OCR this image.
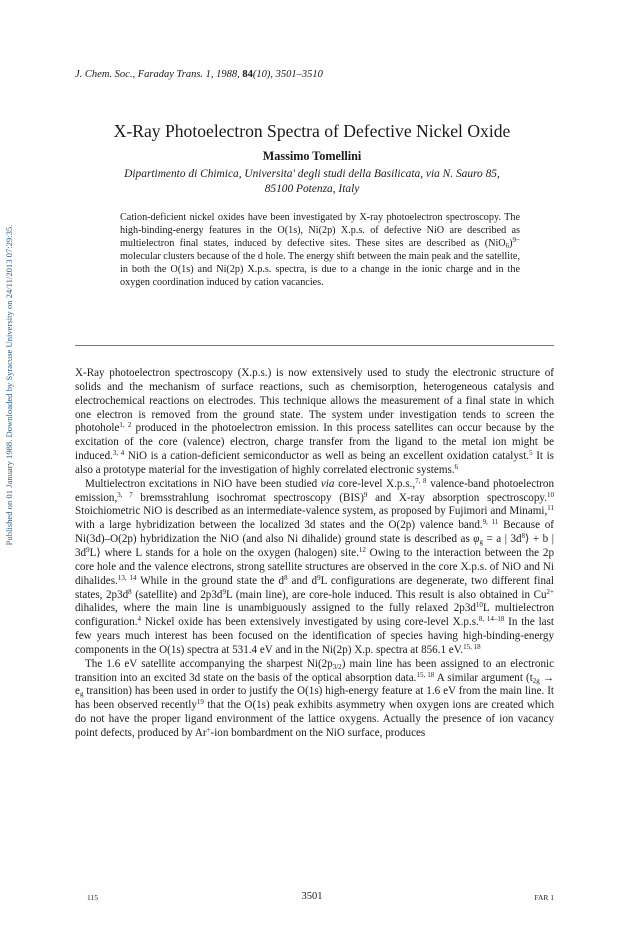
Published on 01 January 1988. Downloaded by Syracuse University on 24/11/2013 07:29:35.
J. Chem. Soc., Faraday Trans. 1, 1988, 84(10), 3501–3510
X-Ray Photoelectron Spectra of Defective Nickel Oxide
Massimo Tomellini
Dipartimento di Chimica, Universita' degli studi della Basilicata, via N. Sauro 85,
85100 Potenza, Italy
Cation-deficient nickel oxides have been investigated by X-ray photoelectron spectroscopy. The high-binding-energy features in the O(1s), Ni(2p) X.p.s. of defective NiO are described as multielectron final states, induced by defective sites. These sites are described as $(NiO_6)^{9-}$ molecular clusters because of the d hole. The energy shift between the main peak and the satellite, in both the O(1s) and Ni(2p) X.p.s. spectra, is due to a change in the ionic charge and in the oxygen coordination induced by cation vacancies.

X-Ray photoelectron spectroscopy (X.p.s.) is now extensively used to study the electronic structure of solids and the mechanism of surface reactions, such as chemisorption, heterogeneous catalysis and electrochemical reactions on electrodes. This technique allows the measurement of a final state in which one electron is removed from the ground state. The system under investigation tends to screen the photohole$^{1, 2}$ produced in the photoelectron emission. In this process satellites can occur because by the excitation of the core (valence) electron, charge transfer from the ligand to the metal ion might be induced.$^{3, 4}$ NiO is a cation-deficient semiconductor as well as being an excellent oxidation catalyst.$^5$ It is also a prototype material for the investigation of highly correlated electronic systems.$^6$

Multielectron excitations in NiO have been studied via core-level X.p.s.,$^{7, 8}$ valence-band photoelectron emission,$^{3, 7}$ bremsstrahlung isochromat spectroscopy (BIS)$^9$ and X-ray absorption spectroscopy.$^{10}$ Stoichiometric NiO is described as an intermediate-valence system, as proposed by Fujimori and Minami,$^{11}$ with a large hybridization between the localized 3d states and the O(2p) valence band.$^{9, 11}$ Because of Ni(3d)–O(2p) hybridization the NiO (and also Ni dihalide) ground state is described as $\varphi_g = a$ | $3d^8⟩ + b$ | $3d^9L⟩$ where L stands for a hole on the oxygen (halogen) site.$^{12}$ Owing to the interaction between the 2p core hole and the valence electrons, strong satellite structures are observed in the core X.p.s. of NiO and Ni dihalides.$^{13, 14}$ While in the ground state the $d^8$ and $d^9L$ configurations are degenerate, two different final states, $2p3d^8$ (satellite) and $2p3d^9L$ (main line), are core-hole induced. This result is also obtained in $Cu^{2+}$ dihalides, where the main line is unambiguously assigned to the fully relaxed $2p3d^{10}L$ multielectron configuration.$^4$ Nickel oxide has been extensively investigated by using core-level X.p.s.$^{8, 14-18}$ In the last few years much interest has been focused on the identification of species having high-binding-energy components in the O(1s) spectra at 531.4 eV and in the Ni(2p) X.p. spectra at 856.1 eV.$^{15, 18}$

The 1.6 eV satellite accompanying the sharpest $Ni(2p_{3/2})$ main line has been assigned to an electronic transition into an excited 3d state on the basis of the optical absorption data.$^{15, 18}$ A similar argument ($t_{2g} \to e_g$ transition) has been used in order to justify the O(1s) high-energy feature at 1.6 eV from the main line. It has been observed recently$^{19}$ that the O(1s) peak exhibits asymmetry when oxygen ions are created which do not have the proper ligand environment of the lattice oxygens. Actually the presence of ion vacancy point defects, produced by Ar+-ion bombardment on the NiO surface, produces

115	3501	FAR 1
